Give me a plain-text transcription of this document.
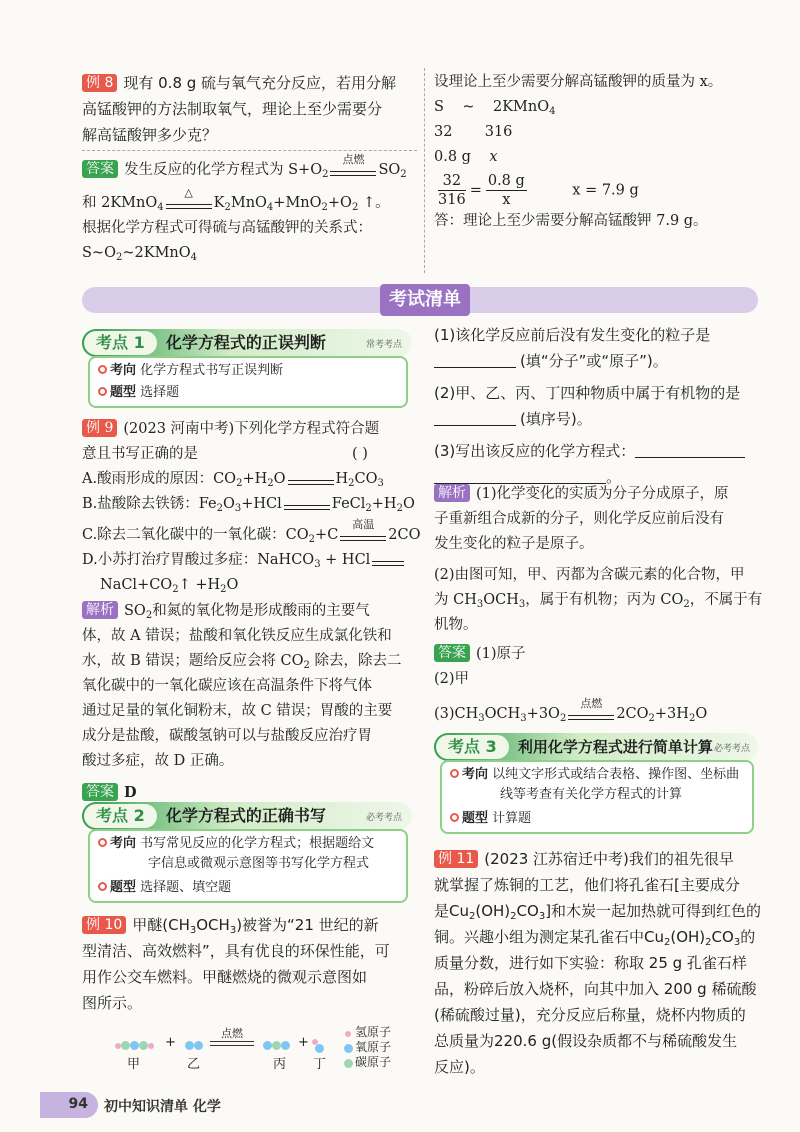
例 8 现有 0.8 g 硫与氧气充分反应，若用分解
高锰酸钾的方法制取氧气，理论上至少需要分
解高锰酸钾多少克？
答案 发生反应的化学方程式为 $S+O_2$
点燃
$SO_2$
和 2KMnO$_4$
△
$K_2MnO_4+MnO_2+O_2$ ↑。
根据化学方程式可得硫与高锰酸钾的关系式：
$S\sim O_2\sim 2KMnO_4$
设理论上至少需要分解高锰酸钾的质量为 x。
S ~ 2KMnO$_4$
32 316
0.8 g x
$\frac{32}{316} = \frac{0.8 g}{x}$	x = 7.9 g
答：理论上至少需要分解高锰酸钾 7.9 g。
考试清单
考点 1 化学方程式的正误判断	常考考点
考向 化学方程式书写正误判断
题型 选择题
例 9 (2023 河南中考)下列化学方程式符合题
意且书写正确的是	( )
A.酸雨形成的原因：$CO_2+H_2O$	$H_2CO_3$
B.盐酸除去铁锈：$Fe_2O_3+HCl$	$FeCl_2+H_2O$
C.除去二氧化碳中的一氧化碳：$CO_2+C$
高温
2CO
D.小苏打治疗胃酸过多症：NaHCO$_3$ + HCl
$NaCl+CO_2↑ +H_2O$
解析 $SO_2$和氮的氧化物是形成酸雨的主要气
体，故 A 错误；盐酸和氧化铁反应生成氯化铁和
水，故 B 错误；题给反应会将 $CO_2$ 除去，除去二
氧化碳中的一氧化碳应该在高温条件下将气体
通过足量的氧化铜粉末，故 C 错误；胃酸的主要
成分是盐酸，碳酸氢钠可以与盐酸反应治疗胃
酸过多症，故 D 正确。
答案 D
考点 2 化学方程式的正确书写	必考考点
考向 书写常见反应的化学方程式；根据题给文
字信息或微观示意图等书写化学方程式
题型 选择题、填空题
例 10 甲醚$(CH_3OCH_3)$被誉为“21 世纪的新
型清洁、高效燃料”，具有优良的环保性能，可
用作公交车燃料。甲醚燃烧的微观示意图如
图所示。
甲
+
乙
点燃
丙
+
丁
氢原子
氧原子
碳原子
(1)该化学反应前后没有发生变化的粒子是
(填“分子”或“原子”)。
(2)甲、乙、丙、丁四种物质中属于有机物的是
(填序号)。
(3)写出该反应的化学方程式：
。
解析 (1)化学变化的实质为分子分成原子，原
子重新组合成新的分子，则化学反应前后没有
发生变化的粒子是原子。
(2)由图可知，甲、丙都为含碳元素的化合物，甲
为 $CH_3OCH_3$，属于有机物；丙为 $CO_2$，不属于有
机物。
答案 (1)原子
(2)甲
$(3)CH_3OCH_3+3O_2$
点燃
$2CO_2+3H_2O$
考点 3 利用化学方程式进行简单计算 必考考点
考向 以纯文字形式或结合表格、操作图、坐标曲
线等考查有关化学方程式的计算
题型 计算题
例 11 (2023 江苏宿迁中考)我们的祖先很早
就掌握了炼铜的工艺，他们将孔雀石[主要成分
是$Cu_2(OH)_2CO_3$]和木炭一起加热就可得到红色的
铜。兴趣小组为测定某孔雀石中$Cu_2(OH)_2CO_3$的
质量分数，进行如下实验：称取 25 g 孔雀石样
品，粉碎后放入烧杯，向其中加入 200 g 稀硫酸
(稀硫酸过量)，充分反应后称量，烧杯内物质的
总质量为220.6 g(假设杂质都不与稀硫酸发生
反应)。
94 初中知识清单 化学
